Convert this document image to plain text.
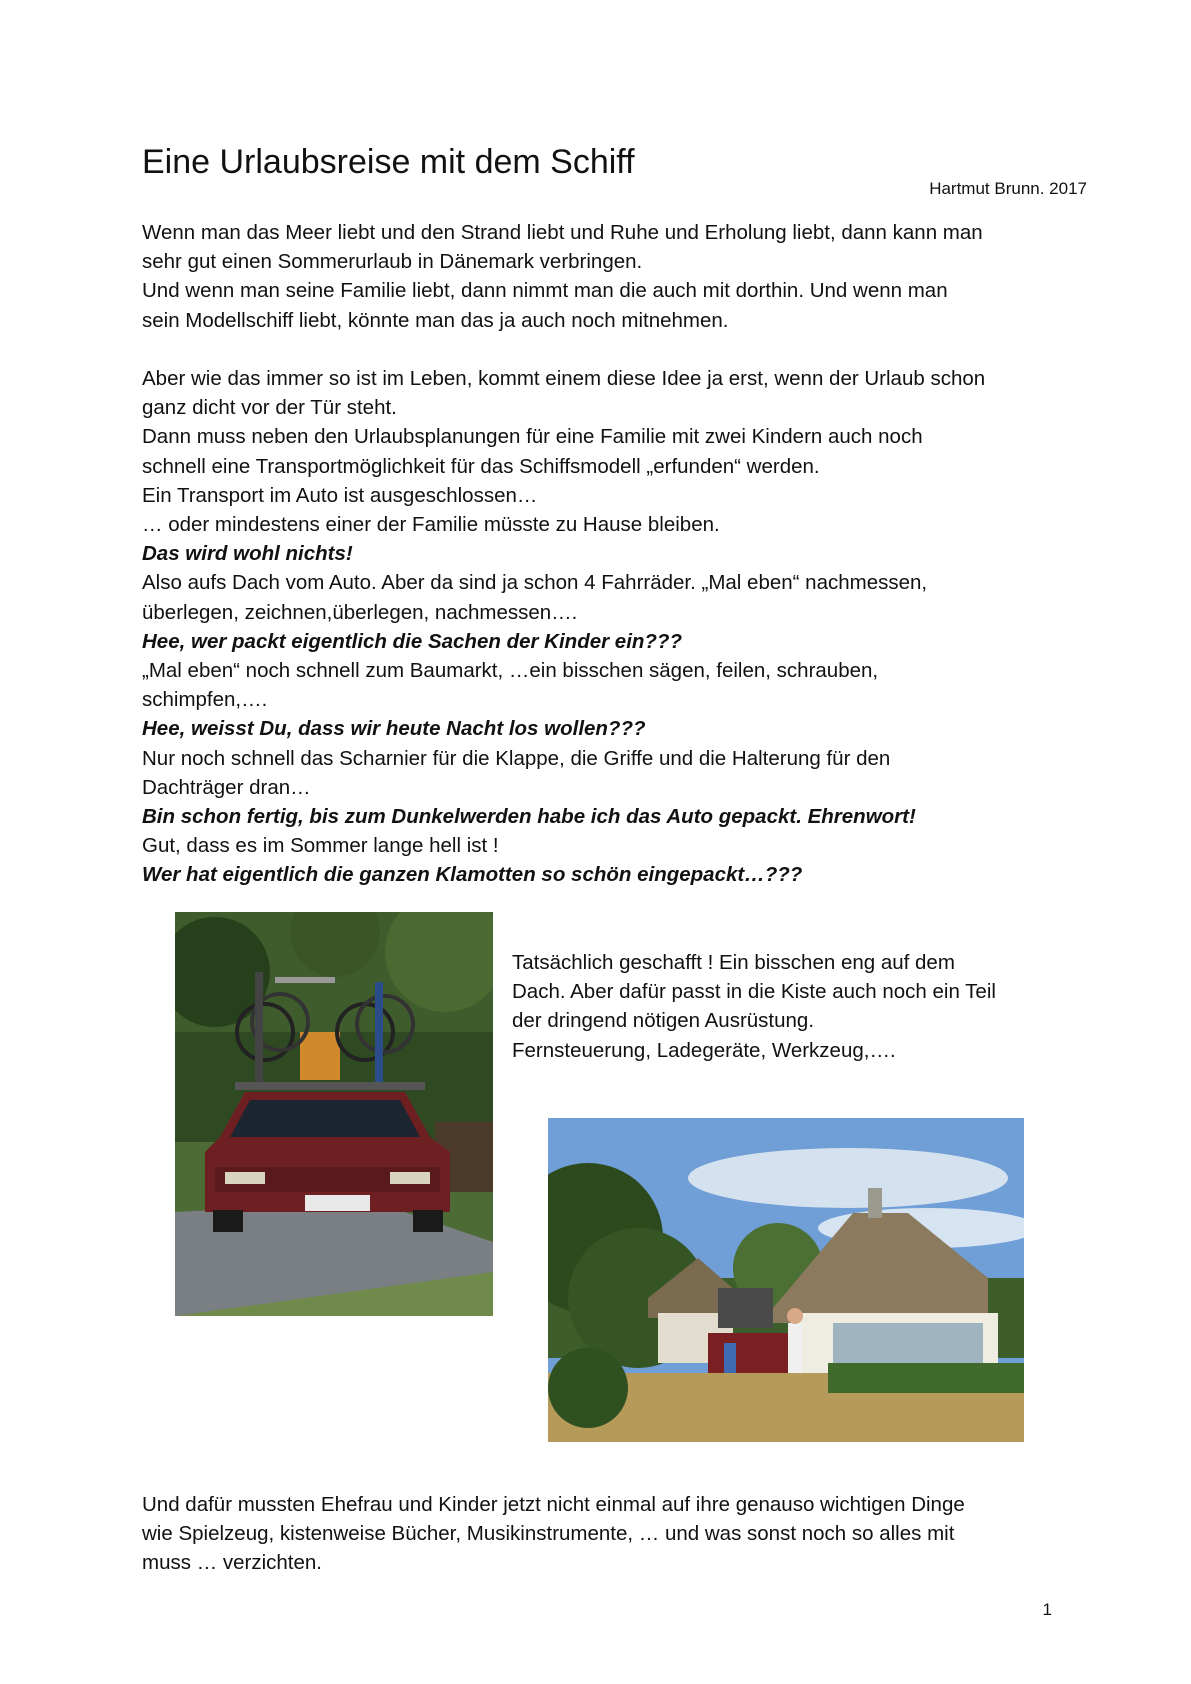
Eine Urlaubsreise mit dem Schiff
Hartmut Brunn. 2017

Wenn man das Meer liebt und den Strand liebt und Ruhe und Erholung liebt, dann kann man

sehr gut einen Sommerurlaub in Dänemark verbringen.

Und wenn man seine Familie liebt, dann nimmt man die auch mit dorthin. Und wenn man

sein Modellschiff liebt, könnte man das ja auch noch mitnehmen.

Aber wie das immer so ist im Leben, kommt einem diese Idee ja erst, wenn der Urlaub schon

ganz dicht vor der Tür steht.

Dann muss neben den Urlaubsplanungen für eine Familie mit zwei Kindern auch noch

schnell eine Transportmöglichkeit für das Schiffsmodell „erfunden“ werden.

Ein Transport im Auto ist ausgeschlossen…

… oder mindestens einer der Familie müsste zu Hause bleiben.

Das wird wohl nichts!

Also aufs Dach vom Auto. Aber da sind ja schon 4 Fahrräder. „Mal eben“ nachmessen,

überlegen, zeichnen,überlegen, nachmessen….

Hee, wer packt eigentlich die Sachen der Kinder ein???

„Mal eben“ noch schnell zum Baumarkt, …ein bisschen sägen, feilen, schrauben,

schimpfen,….

Hee, weisst Du, dass wir heute Nacht los wollen???

Nur noch schnell das Scharnier für die Klappe, die Griffe und die Halterung für den

Dachträger dran…

Bin schon fertig, bis zum Dunkelwerden habe ich das Auto gepackt. Ehrenwort!

Gut, dass es im Sommer lange hell ist !

Wer hat eigentlich die ganzen Klamotten so schön eingepackt…???

Tatsächlich geschafft ! Ein bisschen eng auf dem

Dach. Aber dafür passt in die Kiste auch noch ein Teil

der dringend nötigen Ausrüstung.

Fernsteuerung, Ladegeräte, Werkzeug,….

Und dafür mussten Ehefrau und Kinder jetzt nicht einmal auf ihre genauso wichtigen Dinge

wie Spielzeug, kistenweise Bücher, Musikinstrumente, … und was sonst noch so alles mit

muss … verzichten.

1
